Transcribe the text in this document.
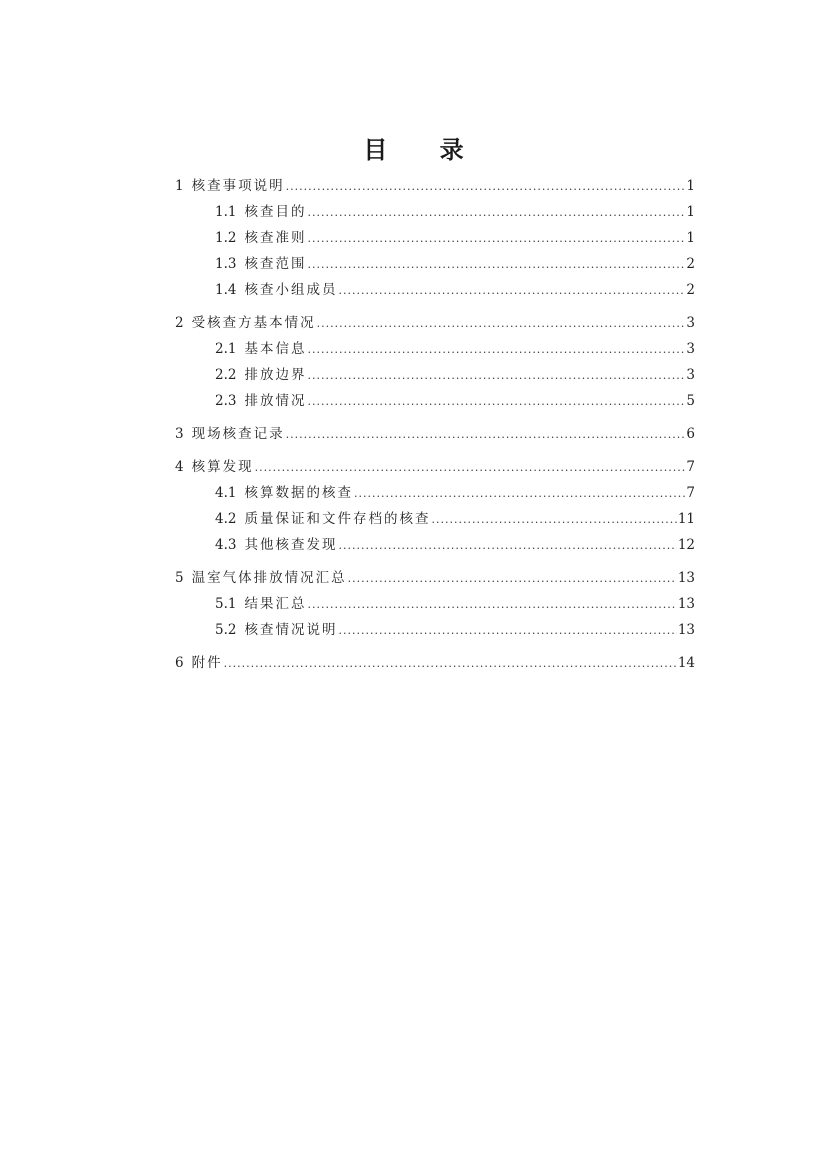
目 录
1 核查事项说明 .....	1
1.1 核查目的 .....	1
1.2 核查准则 .....	1
1.3 核查范围 .....	2
1.4 核查小组成员 .....	2
2 受核查方基本情况 .....	3
2.1 基本信息 .....	3
2.2 排放边界 .....	3
2.3 排放情况 .....	5
3 现场核查记录 .....	6
4 核算发现 .....	7
4.1 核算数据的核查 .....	7
4.2 质量保证和文件存档的核查 .....	11
4.3 其他核查发现 .....	12
5 温室气体排放情况汇总 .....	13
5.1 结果汇总 .....	13
5.2 核查情况说明 .....	13
6 附件 .....	14
